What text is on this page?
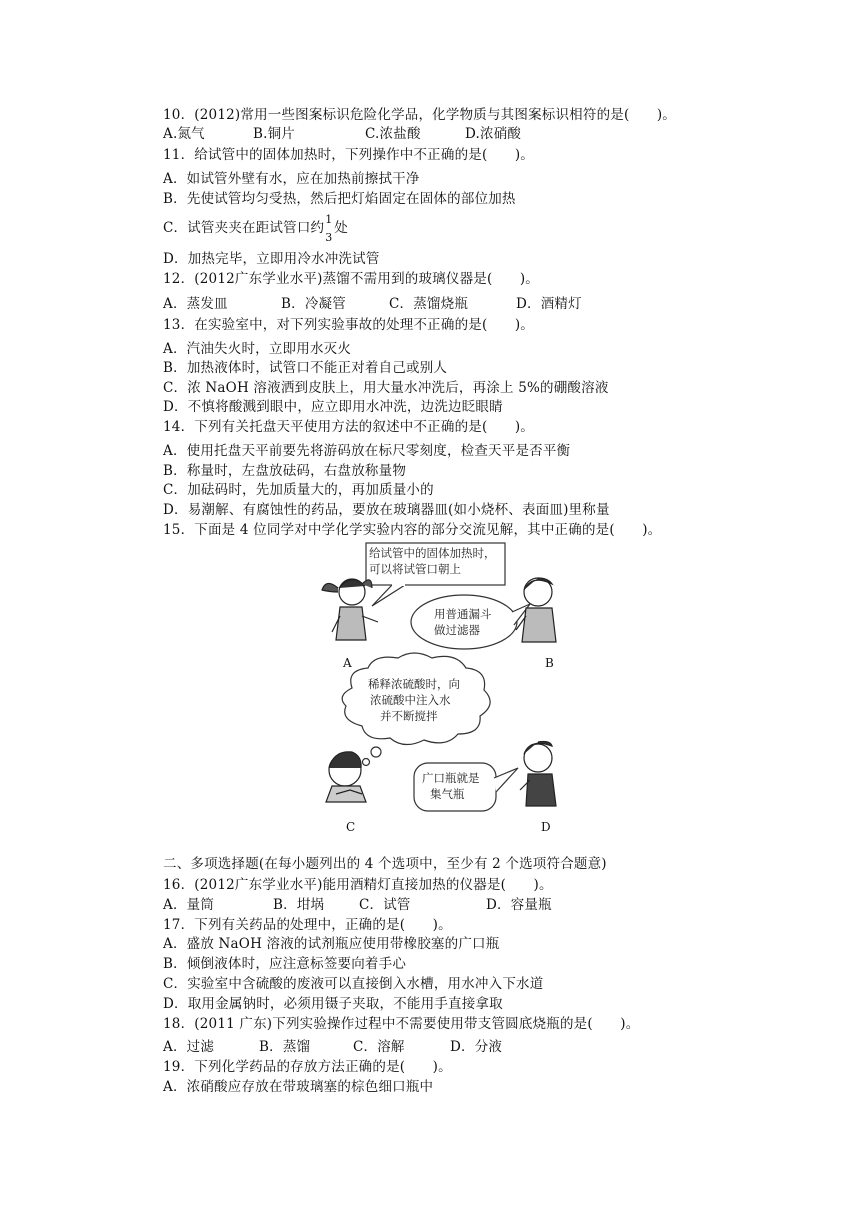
10．(2012)常用一些图案标识危险化学品，化学物质与其图案标识相符的是(　　)。
A.氮气	B.铜片	C.浓盐酸	D.浓硝酸
11．给试管中的固体加热时，下列操作中不正确的是(　　)。
A．如试管外壁有水，应在加热前擦拭干净
B．先使试管均匀受热，然后把灯焰固定在固体的部位加热
C．试管夹夹在距试管口约
1
3
处
D．加热完毕，立即用冷水冲洗试管
12．(2012广东学业水平)蒸馏不需用到的玻璃仪器是(　　)。
A．蒸发皿	B．冷凝管	C．蒸馏烧瓶	D．酒精灯
13．在实验室中，对下列实验事故的处理不正确的是(　　)。
A．汽油失火时，立即用水灭火
B．加热液体时，试管口不能正对着自己或别人
C．浓 NaOH 溶液洒到皮肤上，用大量水冲洗后，再涂上 5%的硼酸溶液
D．不慎将酸溅到眼中，应立即用水冲洗，边洗边眨眼睛
14．下列有关托盘天平使用方法的叙述中不正确的是(　　)。
A．使用托盘天平前要先将游码放在标尺零刻度，检查天平是否平衡
B．称量时，左盘放砝码，右盘放称量物
C．加砝码时，先加质量大的，再加质量小的
D．易潮解、有腐蚀性的药品，要放在玻璃器皿(如小烧杯、表面皿)里称量
15．下面是 4 位同学对中学化学实验内容的部分交流见解，其中正确的是(　　)。
给试管中的固体加热时，
可以将试管口朝上
用普通漏斗
做过滤器
稀释浓硫酸时，向
浓硫酸中注入水
并不断搅拌
广口瓶就是
集气瓶
A	B
C	D
二、多项选择题(在每小题列出的 4 个选项中，至少有 2 个选项符合题意)
16．(2012广东学业水平)能用酒精灯直接加热的仪器是(　　)。
A．量筒	B．坩埚	C．试管	D．容量瓶
17．下列有关药品的处理中，正确的是(　　)。
A．盛放 NaOH 溶液的试剂瓶应使用带橡胶塞的广口瓶
B．倾倒液体时，应注意标签要向着手心
C．实验室中含硫酸的废液可以直接倒入水槽，用水冲入下水道
D．取用金属钠时，必须用镊子夹取，不能用手直接拿取
18．(2011 广东)下列实验操作过程中不需要使用带支管圆底烧瓶的是(　　)。
A．过滤	B．蒸馏	C．溶解	D．分液
19．下列化学药品的存放方法正确的是(　　)。
A．浓硝酸应存放在带玻璃塞的棕色细口瓶中
